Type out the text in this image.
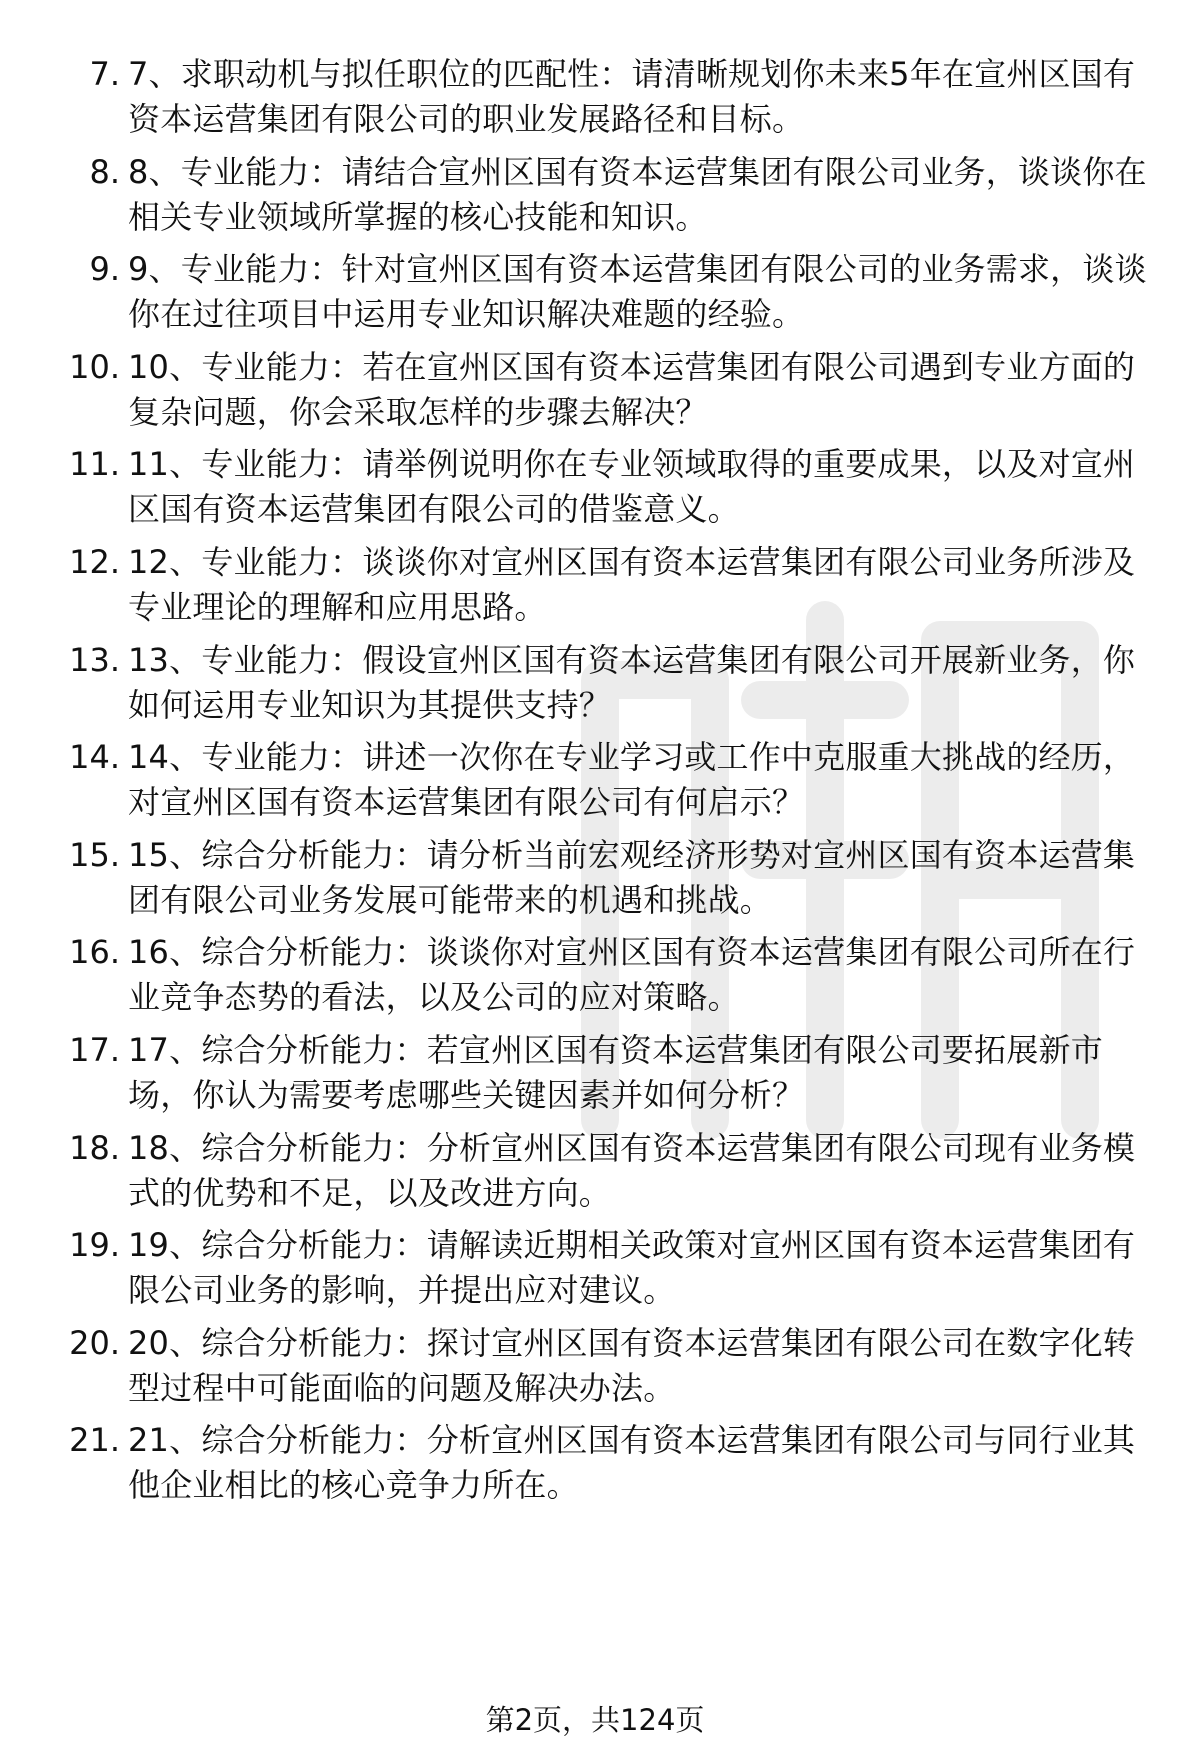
7. 7、求职动机与拟任职位的匹配性：请清晰规划你未来5年在宣州区国有资本运营集团有限公司的职业发展路径和目标。
8. 8、专业能力：请结合宣州区国有资本运营集团有限公司业务，谈谈你在相关专业领域所掌握的核心技能和知识。
9. 9、专业能力：针对宣州区国有资本运营集团有限公司的业务需求，谈谈你在过往项目中运用专业知识解决难题的经验。
10. 10、专业能力：若在宣州区国有资本运营集团有限公司遇到专业方面的复杂问题，你会采取怎样的步骤去解决？
11. 11、专业能力：请举例说明你在专业领域取得的重要成果，以及对宣州区国有资本运营集团有限公司的借鉴意义。
12. 12、专业能力：谈谈你对宣州区国有资本运营集团有限公司业务所涉及专业理论的理解和应用思路。
13. 13、专业能力：假设宣州区国有资本运营集团有限公司开展新业务，你如何运用专业知识为其提供支持？
14. 14、专业能力：讲述一次你在专业学习或工作中克服重大挑战的经历，对宣州区国有资本运营集团有限公司有何启示？
15. 15、综合分析能力：请分析当前宏观经济形势对宣州区国有资本运营集团有限公司业务发展可能带来的机遇和挑战。
16. 16、综合分析能力：谈谈你对宣州区国有资本运营集团有限公司所在行业竞争态势的看法，以及公司的应对策略。
17. 17、综合分析能力：若宣州区国有资本运营集团有限公司要拓展新市场，你认为需要考虑哪些关键因素并如何分析？
18. 18、综合分析能力：分析宣州区国有资本运营集团有限公司现有业务模式的优势和不足，以及改进方向。
19. 19、综合分析能力：请解读近期相关政策对宣州区国有资本运营集团有限公司业务的影响，并提出应对建议。
20. 20、综合分析能力：探讨宣州区国有资本运营集团有限公司在数字化转型过程中可能面临的问题及解决办法。
21. 21、综合分析能力：分析宣州区国有资本运营集团有限公司与同行业其他企业相比的核心竞争力所在。
第2页，共124页
